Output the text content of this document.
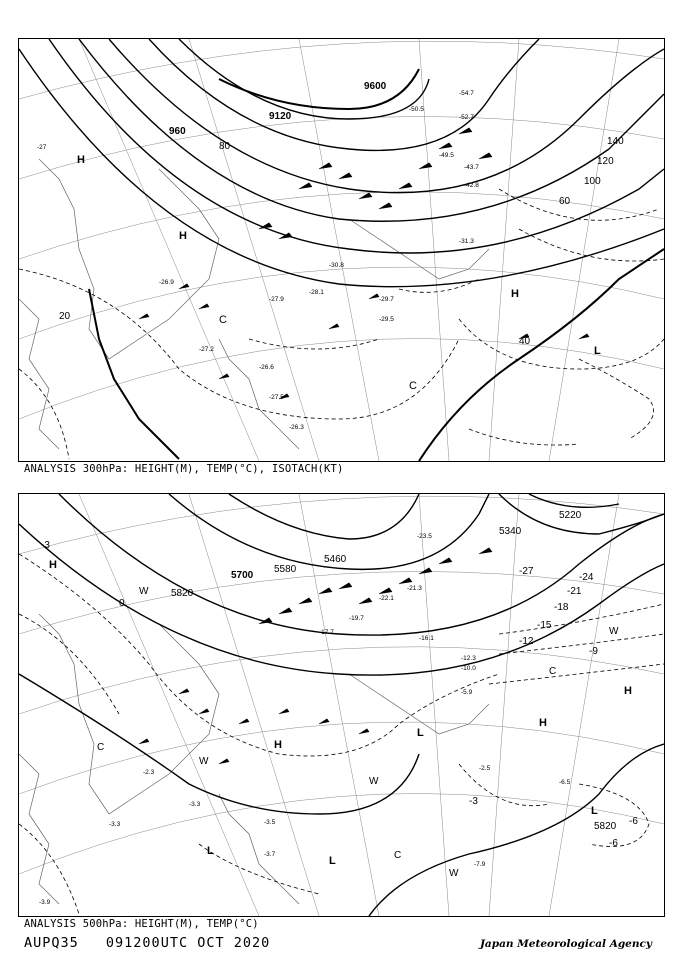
9120
960
9600
20
40
60
80
100
120
140
H
H
H
L
C
C
-27
-26.9
-29.5
-29.7
-31.3
-30.8
-27.9
-28.1
-49.5
-50.5
-52.7
-54.7
-43.7
-42.8
-27.2
-26.6
-27.5
-26.3
ANALYSIS 300hPa: HEIGHT(M), TEMP(°C), ISOTACH(KT)
5700
5820
5580
5460
5340
5220
5820
-3
-6
-9
-12
-15
-18
-21
-24
-27
0
-3
-6
H
H
H
H
L
L
L
L
C
C
C
W
W
W
W
W
-23.5
-21.3
-22.1
-19.7
-17.7
-16.1
-12.3
-10.0
-5.9
-3.5
-2.5
-6.5
-7.9
-3.3
-3.7
-2.3
-3.3
-3.9
ANALYSIS 500hPa: HEIGHT(M), TEMP(°C)
AUPQ35 091200UTC OCT 2020	Japan Meteorological Agency
